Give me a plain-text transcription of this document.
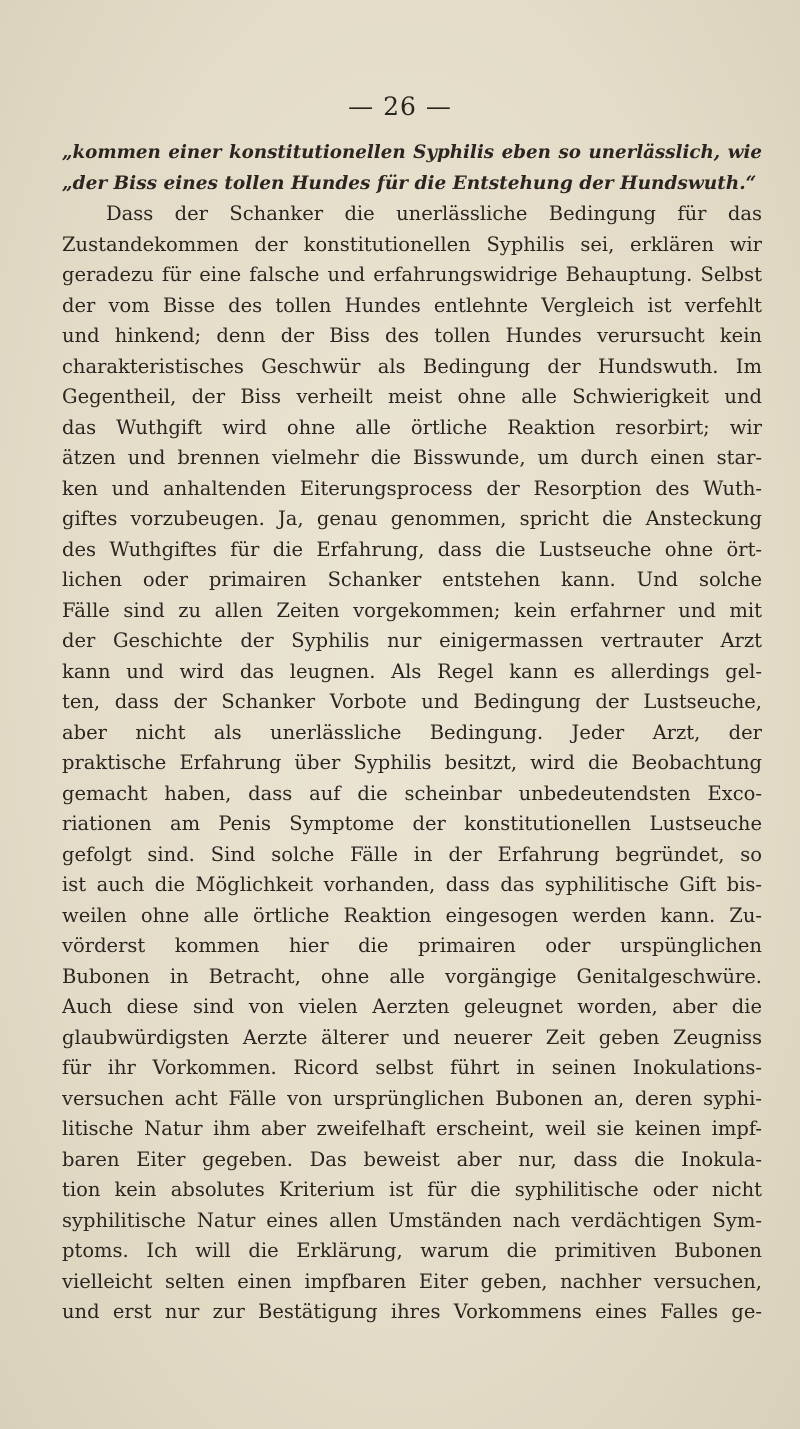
— 26 —
„kommen einer konstitutionellen Syphilis eben so unerlässlich, wie
„der Biss eines tollen Hundes für die Entstehung der Hundswuth.“
Dass der Schanker die unerlässliche Bedingung für das
Zustandekommen der konstitutionellen Syphilis sei, erklären wir
geradezu für eine falsche und erfahrungswidrige Behauptung. Selbst
der vom Bisse des tollen Hundes entlehnte Vergleich ist verfehlt
und hinkend; denn der Biss des tollen Hundes verursucht kein
charakteristisches Geschwür als Bedingung der Hundswuth. Im
Gegentheil, der Biss verheilt meist ohne alle Schwierigkeit und
das Wuthgift wird ohne alle örtliche Reaktion resorbirt; wir
ätzen und brennen vielmehr die Bisswunde, um durch einen star-
ken und anhaltenden Eiterungsprocess der Resorption des Wuth-
giftes vorzubeugen. Ja, genau genommen, spricht die Ansteckung
des Wuthgiftes für die Erfahrung, dass die Lustseuche ohne ört-
lichen oder primairen Schanker entstehen kann. Und solche
Fälle sind zu allen Zeiten vorgekommen; kein erfahrner und mit
der Geschichte der Syphilis nur einigermassen vertrauter Arzt
kann und wird das leugnen. Als Regel kann es allerdings gel-
ten, dass der Schanker Vorbote und Bedingung der Lustseuche,
aber nicht als unerlässliche Bedingung. Jeder Arzt, der
praktische Erfahrung über Syphilis besitzt, wird die Beobachtung
gemacht haben, dass auf die scheinbar unbedeutendsten Exco-
riationen am Penis Symptome der konstitutionellen Lustseuche
gefolgt sind. Sind solche Fälle in der Erfahrung begründet, so
ist auch die Möglichkeit vorhanden, dass das syphilitische Gift bis-
weilen ohne alle örtliche Reaktion eingesogen werden kann. Zu-
vörderst kommen hier die primairen oder urspünglichen
Bubonen in Betracht, ohne alle vorgängige Genitalgeschwüre.
Auch diese sind von vielen Aerzten geleugnet worden, aber die
glaubwürdigsten Aerzte älterer und neuerer Zeit geben Zeugniss
für ihr Vorkommen. Ricord selbst führt in seinen Inokulations-
versuchen acht Fälle von ursprünglichen Bubonen an, deren syphi-
litische Natur ihm aber zweifelhaft erscheint, weil sie keinen impf-
baren Eiter gegeben. Das beweist aber nur, dass die Inokula-
tion kein absolutes Kriterium ist für die syphilitische oder nicht
syphilitische Natur eines allen Umständen nach verdächtigen Sym-
ptoms. Ich will die Erklärung, warum die primitiven Bubonen
vielleicht selten einen impfbaren Eiter geben, nachher versuchen,
und erst nur zur Bestätigung ihres Vorkommens eines Falles ge-
